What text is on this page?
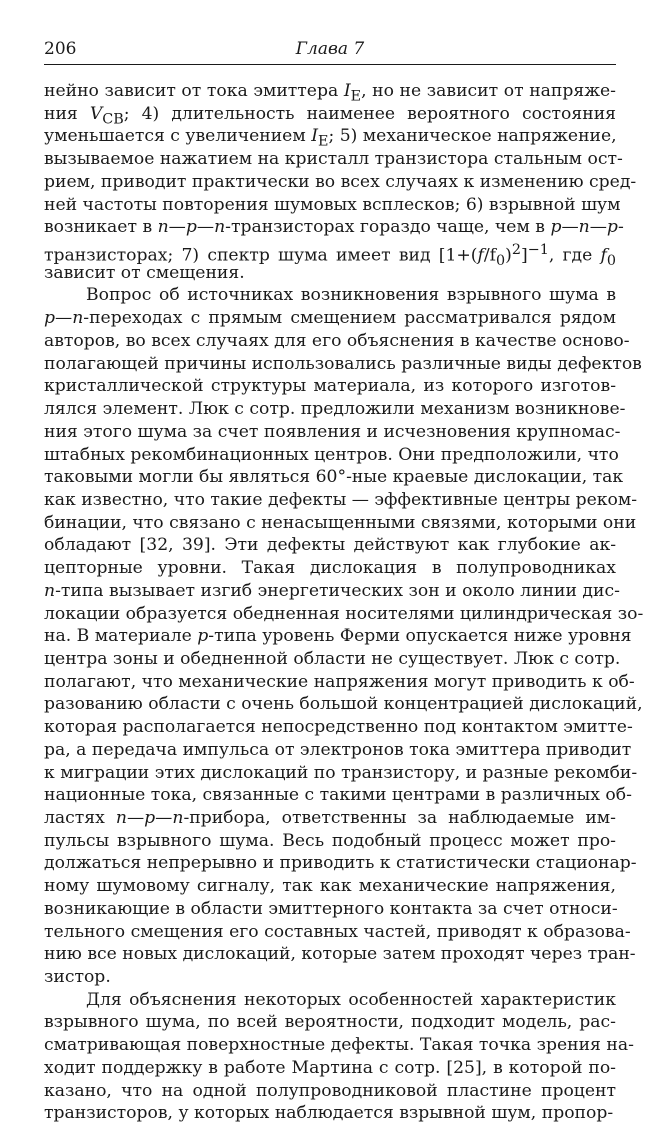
206	Глава 7
нейно зависит от тока эмиттера $I_E$, но не зависит от напряже-
ния $V_{CB}$; 4) длительность наименее вероятного состояния
уменьшается с увеличением $I_E$; 5) механическое напряжение,
вызываемое нажатием на кристалл транзистора стальным ост-
рием, приводит практически во всех случаях к изменению сред-
ней частоты повторения шумовых всплесков; 6) взрывной шум
возникает в n—p—n-транзисторах гораздо чаще, чем в p—n—p-
транзисторах; 7) спектр шума имеет вид $[1+(f/f_0)^2]^{-1}$, где $f_0$
зависит от смещения.
Вопрос об источниках возникновения взрывного шума в
p—n-переходах с прямым смещением рассматривался рядом
авторов, во всех случаях для его объяснения в качестве осново-
полагающей причины использовались различные виды дефектов
кристаллической структуры материала, из которого изготов-
лялся элемент. Люк с сотр. предложили механизм возникнове-
ния этого шума за счет появления и исчезновения крупномас-
штабных рекомбинационных центров. Они предположили, что
таковыми могли бы являться 60°-ные краевые дислокации, так
как известно, что такие дефекты — эффективные центры реком-
бинации, что связано с ненасыщенными связями, которыми они
обладают [32, 39]. Эти дефекты действуют как глубокие ак-
цепторные уровни. Такая дислокация в полупроводниках
n-типа вызывает изгиб энергетических зон и около линии дис-
локации образуется обедненная носителями цилиндрическая зо-
на. В материале p-типа уровень Ферми опускается ниже уровня
центра зоны и обедненной области не существует. Люк с сотр.
полагают, что механические напряжения могут приводить к об-
разованию области с очень большой концентрацией дислокаций,
которая располагается непосредственно под контактом эмитте-
ра, а передача импульса от электронов тока эмиттера приводит
к миграции этих дислокаций по транзистору, и разные рекомби-
национные тока, связанные с такими центрами в различных об-
ластях n—p—n-прибора, ответственны за наблюдаемые им-
пульсы взрывного шума. Весь подобный процесс может про-
должаться непрерывно и приводить к статистически стационар-
ному шумовому сигналу, так как механические напряжения,
возникающие в области эмиттерного контакта за счет относи-
тельного смещения его составных частей, приводят к образова-
нию все новых дислокаций, которые затем проходят через тран-
зистор.
Для объяснения некоторых особенностей характеристик
взрывного шума, по всей вероятности, подходит модель, рас-
сматривающая поверхностные дефекты. Такая точка зрения на-
ходит поддержку в работе Мартина с сотр. [25], в которой по-
казано, что на одной полупроводниковой пластине процент
транзисторов, у которых наблюдается взрывной шум, пропор-
